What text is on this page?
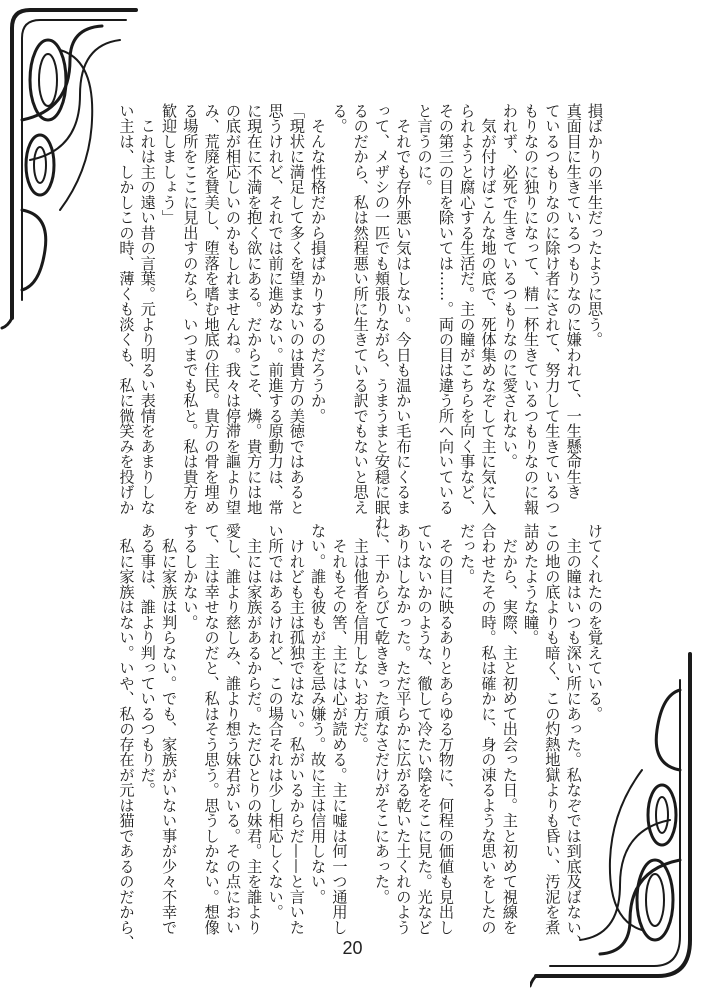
損ばかりの半生だったように思う。
真面目に生きているつもりなのに嫌われて、一生懸命生き
ているつもりなのに除け者にされて、努力して生きているつ
もりなのに独りになって、精一杯生きているつもりなのに報
われず、必死で生きているつもりなのに愛されない。
　気が付けばこんな地の底で、死体集めなぞして主に気に入
られようと腐心する生活だ。主の瞳がこちらを向く事など、
その第三の目を除いては……。両の目は違う所へ向いている
と言うのに。
　それでも存外悪い気はしない。今日も温かい毛布にくるま
って、メザシの一匹でも頬張りながら、うまうまと安穏に眠れ
るのだから、私は然程悪い所に生きている訳でもないと思え
る。
　そんな性格だから損ばかりするのだろうか。
「現状に満足して多くを望まないのは貴方の美徳ではあると
思うけれど、それでは前に進めない。前進する原動力は、常
に現在に不満を抱く欲にある。だからこそ、燐。貴方には地
の底が相応しいのかもしれませんね。我々は停滞を謳より望
み、荒廃を賛美し、堕落を嗜む地底の住民。貴方の骨を埋め
る場所をここに見出すのなら、いつまでも私と。私は貴方を
歓迎しましょう」
　これは主の遠い昔の言葉。元より明るい表情をあまりしな
い主は、しかしこの時、薄くも淡くも、私に微笑みを投げか
けてくれたのを覚えている。
　主の瞳はいつも深い所にあった。私なぞでは到底及ばない、
この地の底よりも暗く、この灼熱地獄よりも昏い、汚泥を煮
詰めたような瞳。
　だから、実際、主と初めて出会った日。主と初めて視線を
合わせたその時。私は確かに、身の凍るような思いをしたの
だった。
　その目に映るありとあらゆる万物に、何程の価値も見出し
ていないかのような、徹して冷たい陰をそこに見た。光など
ありはしなかった。ただ平らかに広がる乾いた土くれのよう
に、干からびて乾ききった頑なさだけがそこにあった。
　主は他者を信用しないお方だ。
　それもその筈、主には心が読める。主に嘘は何一つ通用し
ない。誰も彼もが主を忌み嫌う。故に主は信用しない。
　けれども主は孤独ではない。私がいるからだ——と言いた
い所ではあるけれど、この場合それは少し相応しくない。
　主には家族があるからだ。ただひとりの妹君。主を誰より
愛し、誰より慈しみ、誰より想う妹君がいる。その点におい
て、主は幸せなのだと、私はそう思う。思うしかない。想像
するしかない。
　私に家族は判らない。でも、家族がいない事が少々不幸で
ある事は、誰より判っているつもりだ。
　私に家族はない。いや、私の存在が元は猫であるのだから、	20
